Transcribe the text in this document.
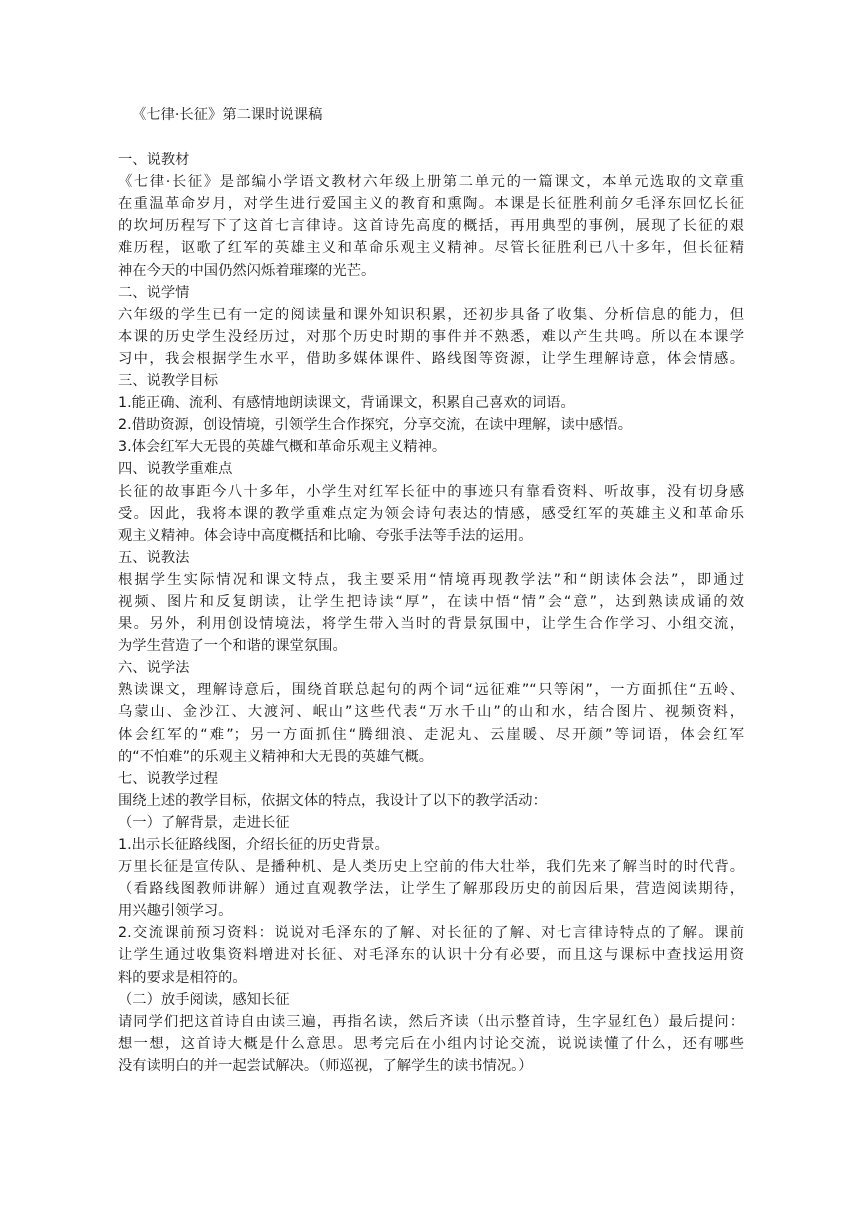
《七律·长征》第二课时说课稿
一、说教材
《七律·长征》是部编小学语文教材六年级上册第二单元的一篇课文，本单元选取的文章重
在重温革命岁月，对学生进行爱国主义的教育和熏陶。本课是长征胜利前夕毛泽东回忆长征
的坎坷历程写下了这首七言律诗。这首诗先高度的概括，再用典型的事例，展现了长征的艰
难历程，讴歌了红军的英雄主义和革命乐观主义精神。尽管长征胜利已八十多年，但长征精
神在今天的中国仍然闪烁着璀璨的光芒。
二、说学情
六年级的学生已有一定的阅读量和课外知识积累，还初步具备了收集、分析信息的能力，但
本课的历史学生没经历过，对那个历史时期的事件并不熟悉，难以产生共鸣。所以在本课学
习中，我会根据学生水平，借助多媒体课件、路线图等资源，让学生理解诗意，体会情感。
三、说教学目标
1.能正确、流利、有感情地朗读课文，背诵课文，积累自己喜欢的词语。
2.借助资源，创设情境，引领学生合作探究，分享交流，在读中理解，读中感悟。
3.体会红军大无畏的英雄气概和革命乐观主义精神。
四、说教学重难点
长征的故事距今八十多年，小学生对红军长征中的事迹只有靠看资料、听故事，没有切身感
受。因此，我将本课的教学重难点定为领会诗句表达的情感，感受红军的英雄主义和革命乐
观主义精神。体会诗中高度概括和比喻、夸张手法等手法的运用。
五、说教法
根据学生实际情况和课文特点，我主要采用“情境再现教学法”和“朗读体会法”，即通过
视频、图片和反复朗读，让学生把诗读“厚”，在读中悟“情”会“意”，达到熟读成诵的效
果。另外，利用创设情境法，将学生带入当时的背景氛围中，让学生合作学习、小组交流，
为学生营造了一个和谐的课堂氛围。
六、说学法
熟读课文，理解诗意后，围绕首联总起句的两个词“远征难”“只等闲”，一方面抓住“五岭、
乌蒙山、金沙江、大渡河、岷山”这些代表“万水千山”的山和水，结合图片、视频资料，
体会红军的“难”；另一方面抓住“腾细浪、走泥丸、云崖暖、尽开颜”等词语，体会红军
的“不怕难”的乐观主义精神和大无畏的英雄气概。
七、说教学过程
围绕上述的教学目标，依据文体的特点，我设计了以下的教学活动：
（一）了解背景，走进长征
1.出示长征路线图，介绍长征的历史背景。
万里长征是宣传队、是播种机、是人类历史上空前的伟大壮举，我们先来了解当时的时代背。
（看路线图教师讲解）通过直观教学法，让学生了解那段历史的前因后果，营造阅读期待，
用兴趣引领学习。
2.交流课前预习资料：说说对毛泽东的了解、对长征的了解、对七言律诗特点的了解。课前
让学生通过收集资料增进对长征、对毛泽东的认识十分有必要，而且这与课标中查找运用资
料的要求是相符的。
（二）放手阅读，感知长征
请同学们把这首诗自由读三遍，再指名读，然后齐读（出示整首诗，生字显红色）最后提问：
想一想，这首诗大概是什么意思。思考完后在小组内讨论交流，说说读懂了什么，还有哪些
没有读明白的并一起尝试解决。（师巡视，了解学生的读书情况。）
